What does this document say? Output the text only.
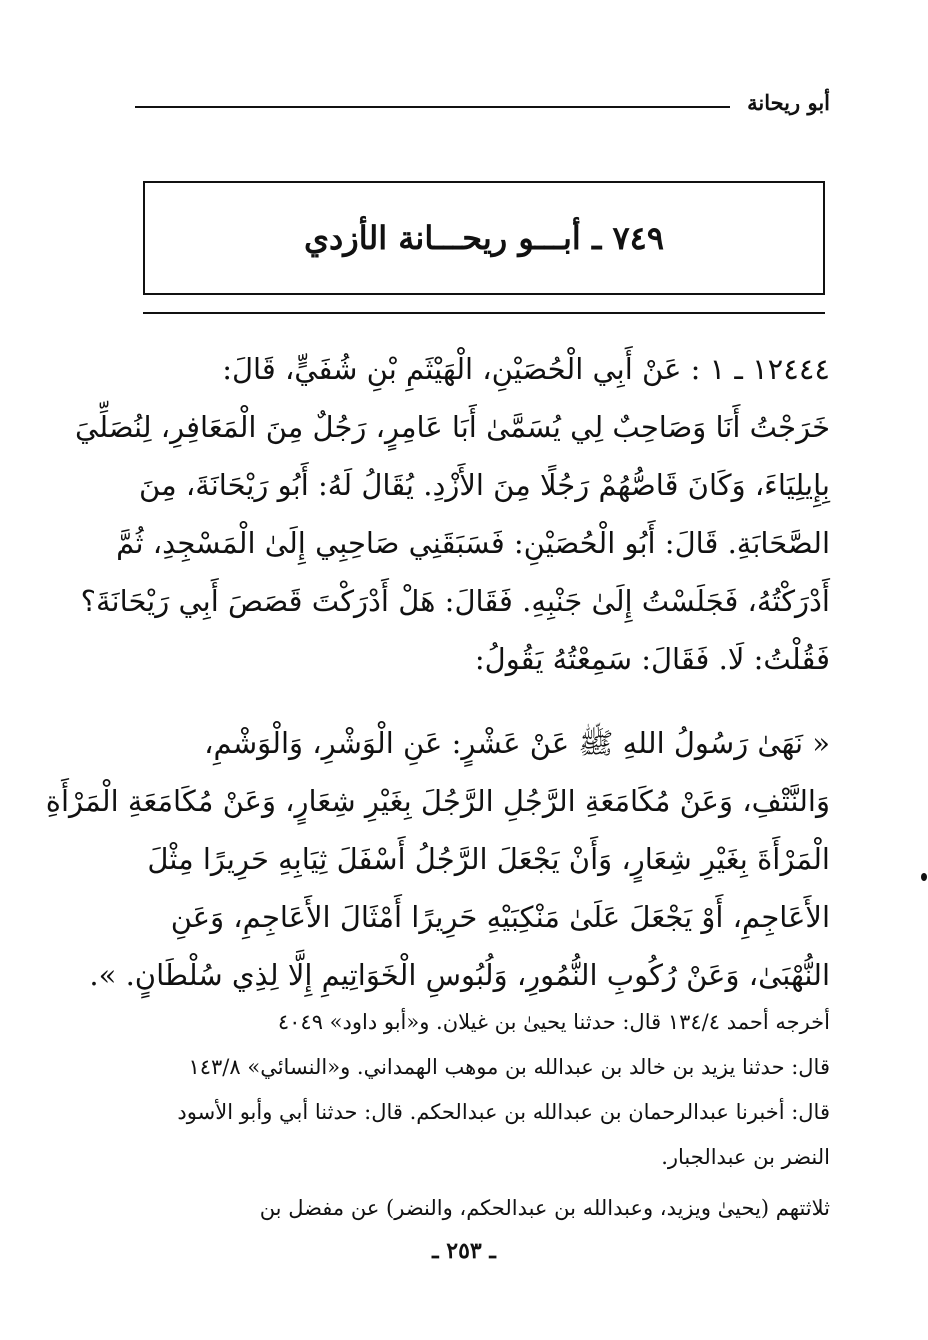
أبو ريحانة
٧٤٩ ـ أبـــو ريحـــانة الأزدي
١٢٤٤٤ ـ ١ : عَنْ أَبِي الْحُصَيْنِ، الْهَيْثَمِ بْنِ شُفَيٍّ، قَالَ:
خَرَجْتُ أَنَا وَصَاحِبٌ لِي يُسَمَّىٰ أَبَا عَامِرٍ، رَجُلٌ مِنَ الْمَعَافِرِ، لِنُصَلِّيَ
بِإِيلِيَاءَ، وَكَانَ قَاصُّهُمْ رَجُلًا مِنَ الأَزْدِ. يُقَالُ لَهُ: أَبُو رَيْحَانَةَ، مِنَ
الصَّحَابَةِ. قَالَ: أَبُو الْحُصَيْنِ: فَسَبَقَنِي صَاحِبِي إِلَىٰ الْمَسْجِدِ، ثُمَّ
أَدْرَكْتُهُ، فَجَلَسْتُ إِلَىٰ جَنْبِهِ. فَقَالَ: هَلْ أَدْرَكْتَ قَصَصَ أَبِي رَيْحَانَةَ؟
فَقُلْتُ: لَا. فَقَالَ: سَمِعْتُهُ يَقُولُ:
« نَهَىٰ رَسُولُ اللهِ ﷺ عَنْ عَشْرٍ: عَنِ الْوَشْرِ، وَالْوَشْمِ،
وَالنَّتْفِ، وَعَنْ مُكَامَعَةِ الرَّجُلِ الرَّجُلَ بِغَيْرِ شِعَارٍ، وَعَنْ مُكَامَعَةِ الْمَرْأَةِ
الْمَرْأَةَ بِغَيْرِ شِعَارٍ، وَأَنْ يَجْعَلَ الرَّجُلُ أَسْفَلَ ثِيَابِهِ حَرِيرًا مِثْلَ
الأَعَاجِمِ، أَوْ يَجْعَلَ عَلَىٰ مَنْكِبَيْهِ حَرِيرًا أَمْثَالَ الأَعَاجِمِ، وَعَنِ
النُّهْبَىٰ، وَعَنْ رُكُوبِ النُّمُورِ، وَلُبُوسِ الْخَوَاتِيمِ إِلَّا لِذِي سُلْطَانٍ. ».
أخرجه أحمد ١٣٤/٤ قال: حدثنا يحيىٰ بن غيلان. و«أبو داود» ٤٠٤٩
قال: حدثنا يزيد بن خالد بن عبدالله بن موهب الهمداني. و«النسائي» ١٤٣/٨
قال: أخبرنا عبدالرحمان بن عبدالله بن عبدالحكم. قال: حدثنا أبي وأبو الأسود
النضر بن عبدالجبار.
ثلاثتهم (يحيىٰ ويزيد، وعبدالله بن عبدالحكم، والنضر) عن مفضل بن
ـ ٢٥٣ ـ
